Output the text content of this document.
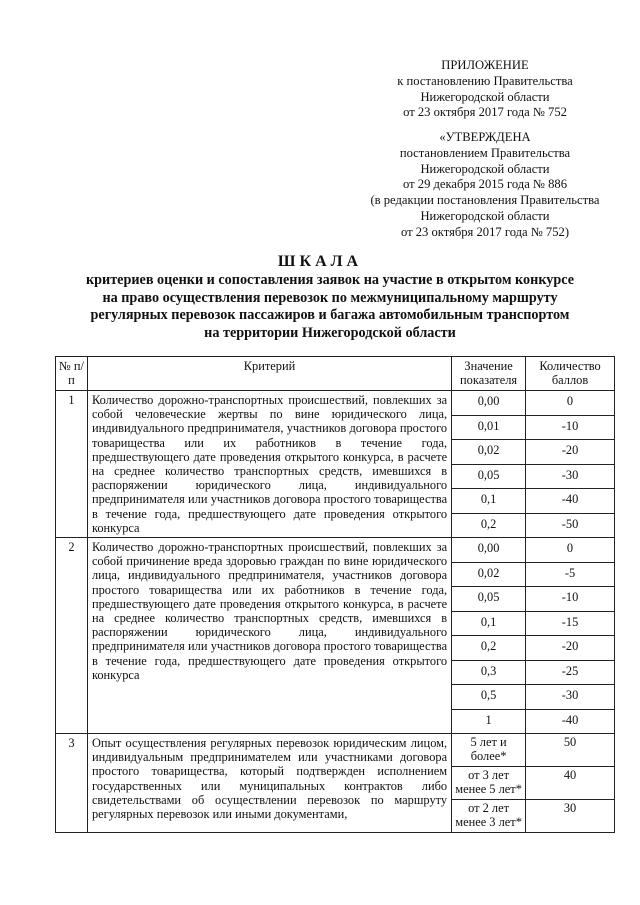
ПРИЛОЖЕНИЕ
к постановлению Правительства
Нижегородской области
от 23 октября 2017 года № 752
«УТВЕРЖДЕНА
постановлением Правительства
Нижегородской области
от 29 декабря 2015 года № 886
(в редакции постановления Правительства
Нижегородской области
от 23 октября 2017 года № 752)
ШКАЛА
критериев оценки и сопоставления заявок на участие в открытом конкурсе
на право осуществления перевозок по межмуниципальному маршруту
регулярных перевозок пассажиров и багажа автомобильным транспортом
на территории Нижегородской области
№ п/п	Критерий	Значение показателя	Количество баллов
1	Количество дорожно-транспортных происшествий, повлекших за собой человеческие жертвы по вине юридического лица, индивидуального предпринимателя, участников договора простого товарищества или их работников в течение года, предшествующего дате проведения открытого конкурса, в расчете на среднее количество транспортных средств, имевшихся в распоряжении юридического лица, индивидуального предпринимателя или участников договора простого товарищества в течение года, предшествующего дате проведения открытого конкурса	0,00	0
		0,01	-10
		0,02	-20
		0,05	-30
		0,1	-40
		0,2	-50
2	Количество дорожно-транспортных происшествий, повлекших за собой причинение вреда здоровью граждан по вине юридического лица, индивидуального предпринимателя, участников договора простого товарищества или их работников в течение года, предшествующего дате проведения открытого конкурса, в расчете на среднее количество транспортных средств, имевшихся в распоряжении юридического лица, индивидуального предпринимателя или участников договора простого товарищества в течение года, предшествующего дате проведения открытого конкурса	0,00	0
		0,02	-5
		0,05	-10
		0,1	-15
		0,2	-20
		0,3	-25
		0,5	-30
		1	-40
3	Опыт осуществления регулярных перевозок юридическим лицом, индивидуальным предпринимателем или участниками договора простого товарищества, который подтвержден исполнением государственных или муниципальных контрактов либо свидетельствами об осуществлении перевозок по маршруту регулярных перевозок или иными документами,	5 лет и более*	50
		от 3 лет менее 5 лет*	40
		от 2 лет менее 3 лет*	30
